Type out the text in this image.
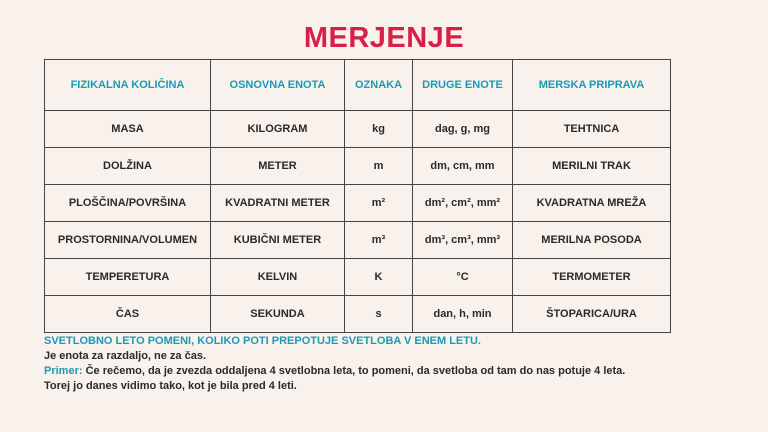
MERJENJE
FIZIKALNA KOLIČINA	OSNOVNA ENOTA	OZNAKA	DRUGE ENOTE	MERSKA PRIPRAVA
MASA	KILOGRAM	kg	dag, g, mg	TEHTNICA
DOLŽINA	METER	m	dm, cm, mm	MERILNI TRAK
PLOŠČINA/POVRŠINA	KVADRATNI METER	m²	dm², cm², mm²	KVADRATNA MREŽA
PROSTORNINA/VOLUMEN	KUBIČNI METER	m³	dm³, cm³, mm³	MERILNA POSODA
TEMPERETURA	KELVIN	K	°C	TERMOMETER
ČAS	SEKUNDA	s	dan, h, min	ŠTOPARICA/URA
SVETLOBNO LETO POMENI, KOLIKO POTI PREPOTUJE SVETLOBA V ENEM LETU.
Je enota za razdaljo, ne za čas.
Primer: Če rečemo, da je zvezda oddaljena 4 svetlobna leta, to pomeni, da svetloba od tam do nas potuje 4 leta.
Torej jo danes vidimo tako, kot je bila pred 4 leti.
